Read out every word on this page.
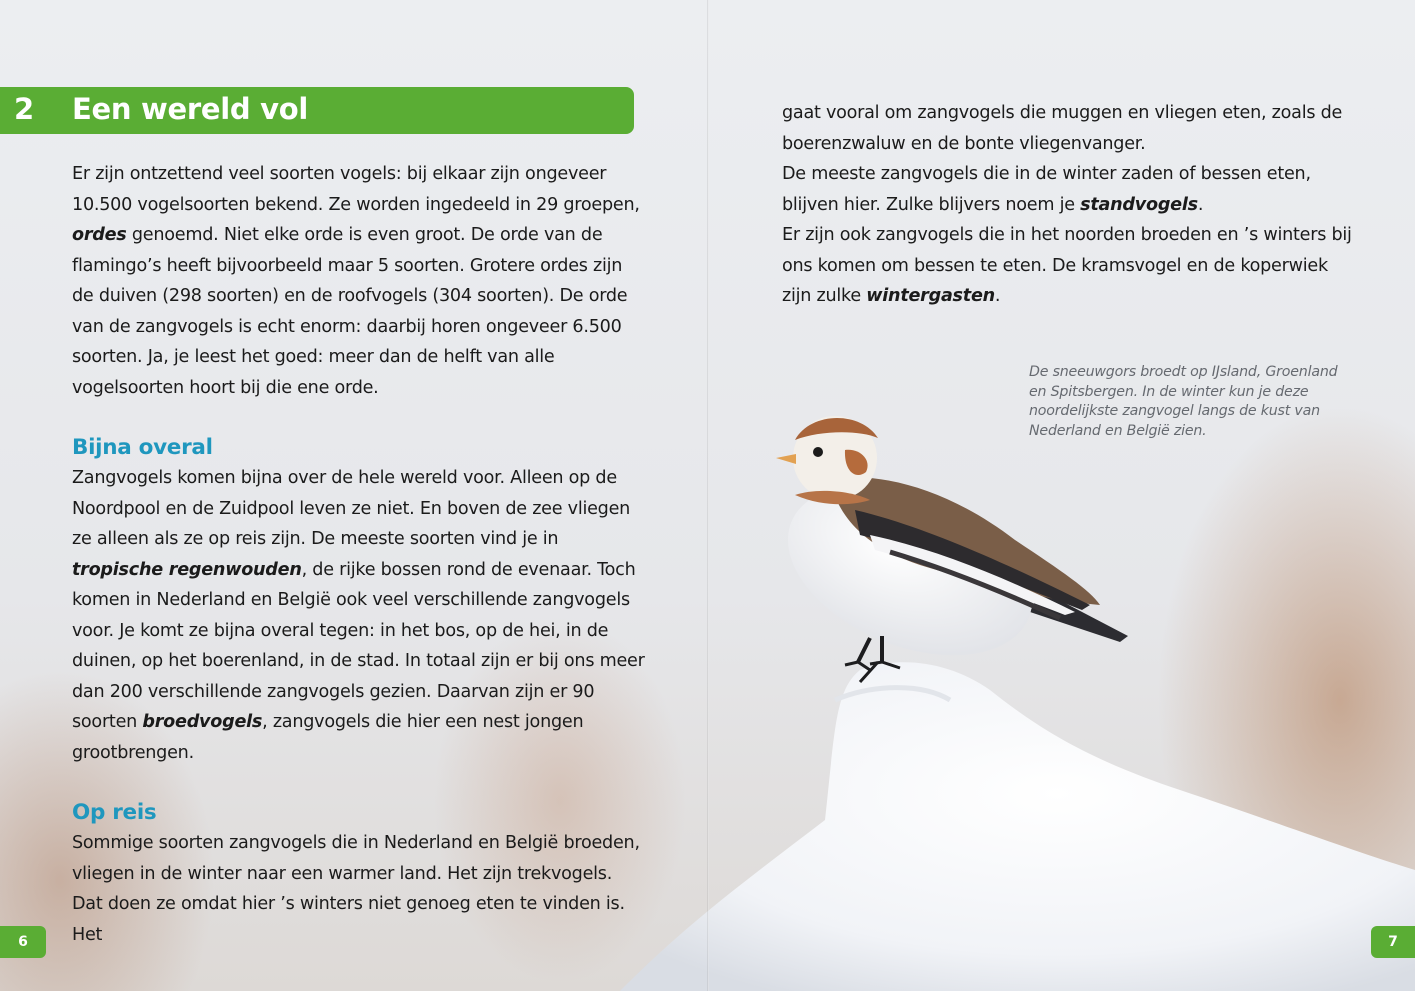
2 Een wereld vol

Er zijn ontzettend veel soorten vogels: bij elkaar zijn ongeveer 10.500 vogelsoorten bekend. Ze worden ingedeeld in 29 groepen, ordes genoemd. Niet elke orde is even groot. De orde van de flamingo’s heeft bijvoorbeeld maar 5 soorten. Grotere ordes zijn de duiven (298 soorten) en de roofvogels (304 soorten). De orde van de zangvogels is echt enorm: daarbij horen ongeveer 6.500 soorten. Ja, je leest het goed: meer dan de helft van alle vogelsoorten hoort bij die ene orde.

Bijna overal

Zangvogels komen bijna over de hele wereld voor. Alleen op de Noordpool en de Zuidpool leven ze niet. En boven de zee vliegen ze alleen als ze op reis zijn. De meeste soorten vind je in tropische regenwouden, de rijke bossen rond de evenaar. Toch komen in Nederland en België ook veel verschillende zangvogels voor. Je komt ze bijna overal tegen: in het bos, op de hei, in de duinen, op het boerenland, in de stad. In totaal zijn er bij ons meer dan 200 verschillende zangvogels gezien. Daarvan zijn er 90 soorten broedvogels, zangvogels die hier een nest jongen grootbrengen.

Op reis

Sommige soorten zangvogels die in Nederland en België broeden, vliegen in de winter naar een warmer land. Het zijn trekvogels. Dat doen ze omdat hier ’s winters niet genoeg eten te vinden is. Het

gaat vooral om zangvogels die muggen en vliegen eten, zoals de boerenzwaluw en de bonte vliegenvanger.

De meeste zangvogels die in de winter zaden of bessen eten, blijven hier. Zulke blijvers noem je standvogels.

Er zijn ook zangvogels die in het noorden broeden en ’s winters bij ons komen om bessen te eten. De kramsvogel en de koperwiek zijn zulke wintergasten.

De sneeuwgors broedt op IJsland, Groenland en Spitsbergen. In de winter kun je deze noordelijkste zangvogel langs de kust van Nederland en België zien.
6	7
